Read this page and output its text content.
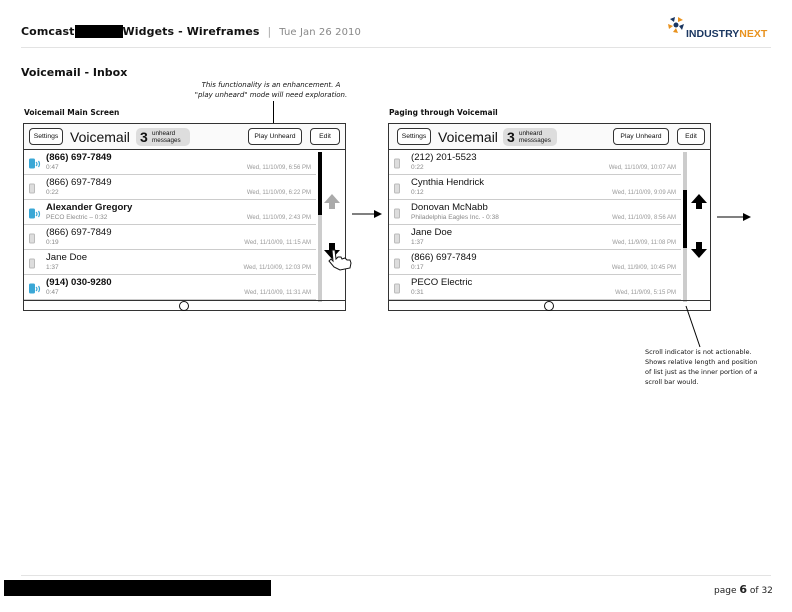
Comcast	Widgets - Wireframes | Tue Jan 26 2010	INDUSTRYNEXT
Voicemail - Inbox
This functionality is an enhancement. A
"play unheard" mode will need exploration.
Voicemail Main Screen
Settings Voicemail 3 unheard
messages
Play Unheard	Edit
(866) 697-7849
0:47	Wed, 11/10/09, 6:56 PM
(866) 697-7849
0:22	Wed, 11/10/09, 6:22 PM
Alexander Gregory
PECO Electric – 0:32	Wed, 11/10/09, 2:43 PM
(866) 697-7849
0:19	Wed, 11/10/09, 11:15 AM
Jane Doe
1:37	Wed, 11/10/09, 12:03 PM
(914) 030-9280
0:47	Wed, 11/10/09, 11:31 AM
Paging through Voicemail
Settings Voicemail 3 unheard
messsages
Play Unheard	Edit
(212) 201-5523
0:22	Wed, 11/10/09, 10:07 AM
Cynthia Hendrick
0:12	Wed, 11/10/09, 9:09 AM
Donovan McNabb
Philadelphia Eagles Inc. - 0:38	Wed, 11/10/09, 8:56 AM
Jane Doe
1:37	Wed, 11/9/09, 11:08 PM
(866) 697-7849
0:17	Wed, 11/9/09, 10:45 PM
PECO Electric
0:31	Wed, 11/9/09, 5:15 PM
Scroll indicator is not actionable.
Shows relative length and position
of list just as the inner portion of a
scroll bar would.
page 6 of 32
